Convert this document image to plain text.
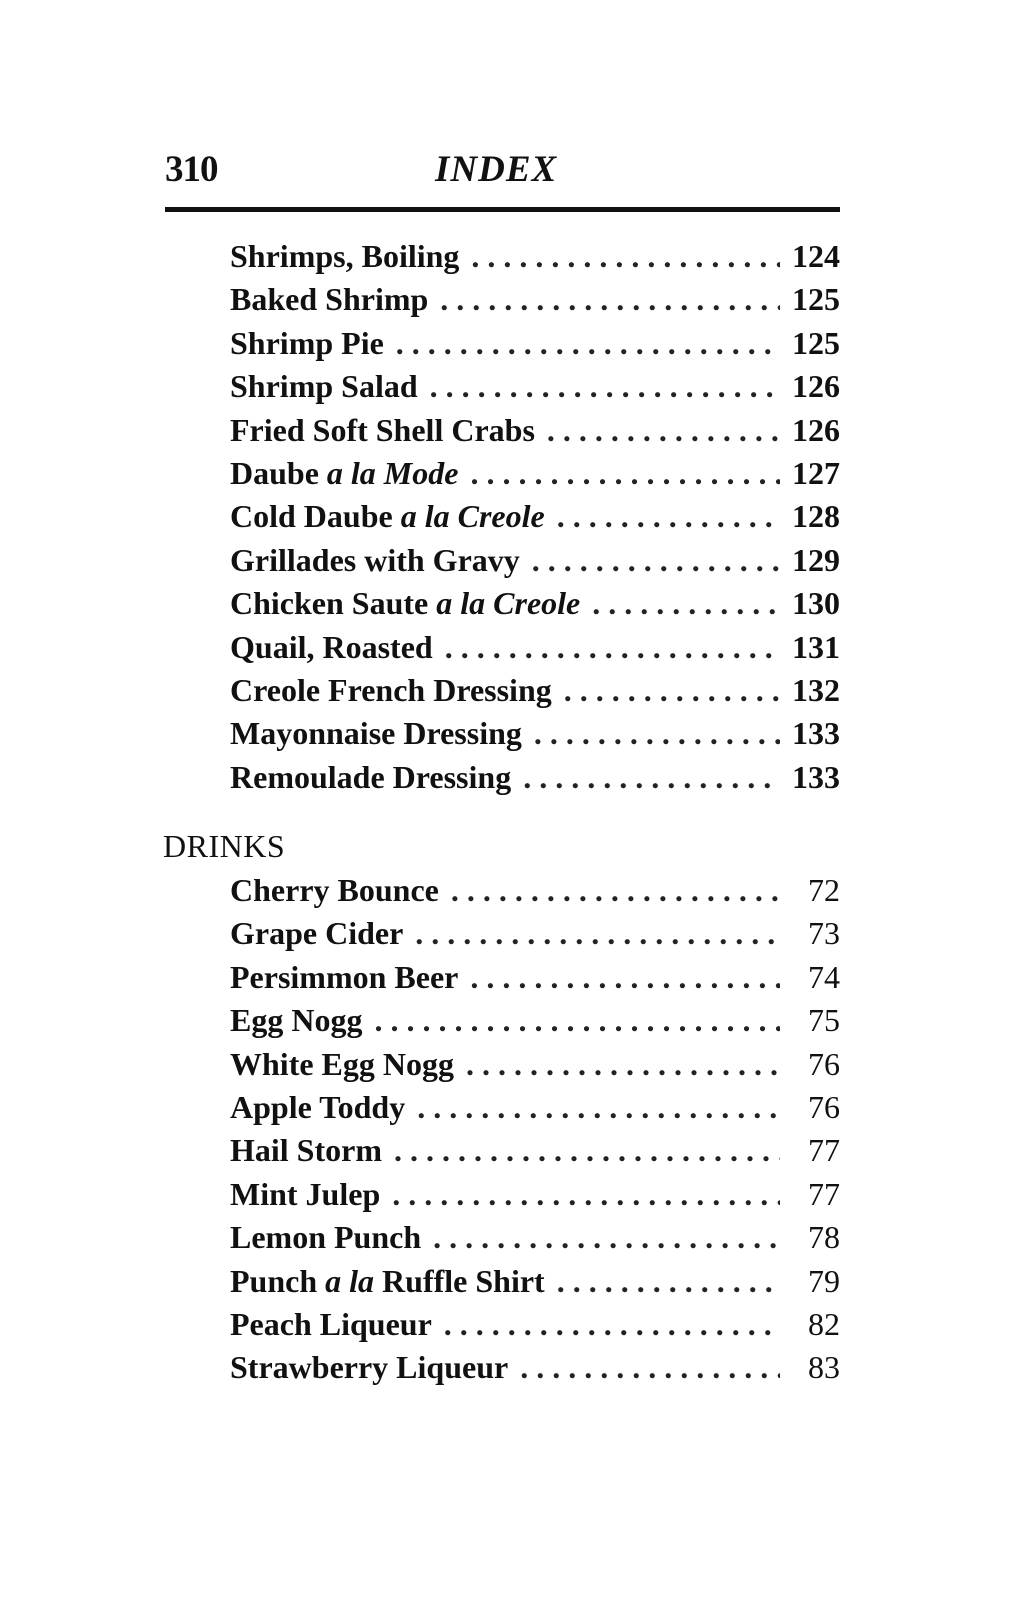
310	INDEX
Shrimps, Boiling . . .	124
Baked Shrimp . . .	125
Shrimp Pie . . .	125
Shrimp Salad . . .	126
Fried Soft Shell Crabs . . .	126
Daube a la Mode . . .	127
Cold Daube a la Creole . . .	128
Grillades with Gravy . . .	129
Chicken Saute a la Creole . . .	130
Quail, Roasted . . .	131
Creole French Dressing . . .	132
Mayonnaise Dressing . . .	133
Remoulade Dressing . . .	133
DRINKS
Cherry Bounce . . .	72
Grape Cider . . .	73
Persimmon Beer . . .	74
Egg Nogg . . .	75
White Egg Nogg . . .	76
Apple Toddy . . .	76
Hail Storm . . .	77
Mint Julep . . .	77
Lemon Punch . . .	78
Punch a la Ruffle Shirt . . .	79
Peach Liqueur . . .	82
Strawberry Liqueur . . .	83
